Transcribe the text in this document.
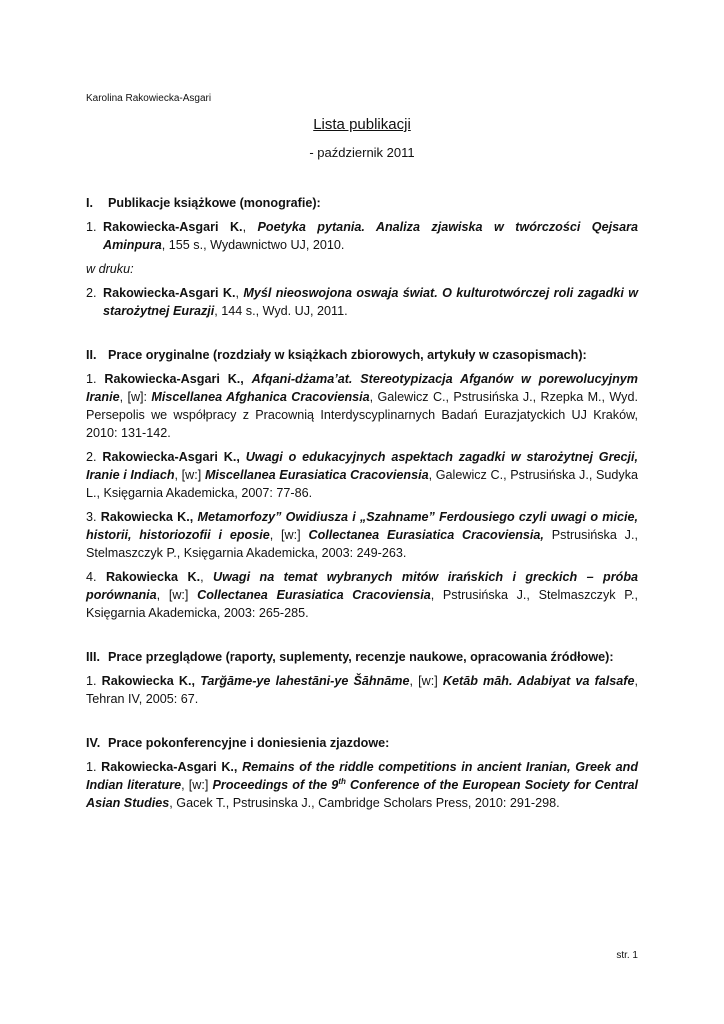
Karolina Rakowiecka-Asgari
Lista publikacji
- październik 2011
I.	Publikacje książkowe (monografie):
1. Rakowiecka-Asgari K., Poetyka pytania. Analiza zjawiska w twórczości Qejsara Aminpura, 155 s., Wydawnictwo UJ, 2010.
w druku:
2. Rakowiecka-Asgari K., Myśl nieoswojona oswaja świat. O kulturotwórczej roli zagadki w starożytnej Eurazji, 144 s., Wyd. UJ, 2011.
II. Prace oryginalne (rozdziały w książkach zbiorowych, artykuły w czasopismach):
1. Rakowiecka-Asgari K., Afqani-dżama’at. Stereotypizacja Afganów w porewolucyjnym Iranie, [w]: Miscellanea Afghanica Cracoviensia, Galewicz C., Pstrusińska J., Rzepka M., Wyd. Persepolis we współpracy z Pracownią Interdyscyplinarnych Badań Eurazjatyckich UJ Kraków, 2010: 131-142.
2. Rakowiecka-Asgari K., Uwagi o edukacyjnych aspektach zagadki w starożytnej Grecji, Iranie i Indiach, [w:] Miscellanea Eurasiatica Cracoviensia, Galewicz C., Pstrusińska J., Sudyka L., Księgarnia Akademicka, 2007: 77-86.
3. Rakowiecka K., Metamorfozy” Owidiusza i „Szahname” Ferdousiego czyli uwagi o micie, historii, historiozofii i eposie, [w:] Collectanea Eurasiatica Cracoviensia, Pstrusińska J., Stelmaszczyk P., Księgarnia Akademicka, 2003: 249-263.
4. Rakowiecka K., Uwagi na temat wybranych mitów irańskich i greckich – próba porównania, [w:] Collectanea Eurasiatica Cracoviensia, Pstrusińska J., Stelmaszczyk P., Księgarnia Akademicka, 2003: 265-285.
III. Prace przeglądowe (raporty, suplementy, recenzje naukowe, opracowania źródłowe):
1. Rakowiecka K., Tarğāme-ye lahestāni-ye Šāhnāme, [w:] Ketāb māh. Adabiyat va falsafe, Tehran IV, 2005: 67.
IV. Prace pokonferencyjne i doniesienia zjazdowe:
1. Rakowiecka-Asgari K., Remains of the riddle competitions in ancient Iranian, Greek and Indian literature, [w:] Proceedings of the 9th Conference of the European Society for Central Asian Studies, Gacek T., Pstrusinska J., Cambridge Scholars Press, 2010: 291-298.
str. 1
